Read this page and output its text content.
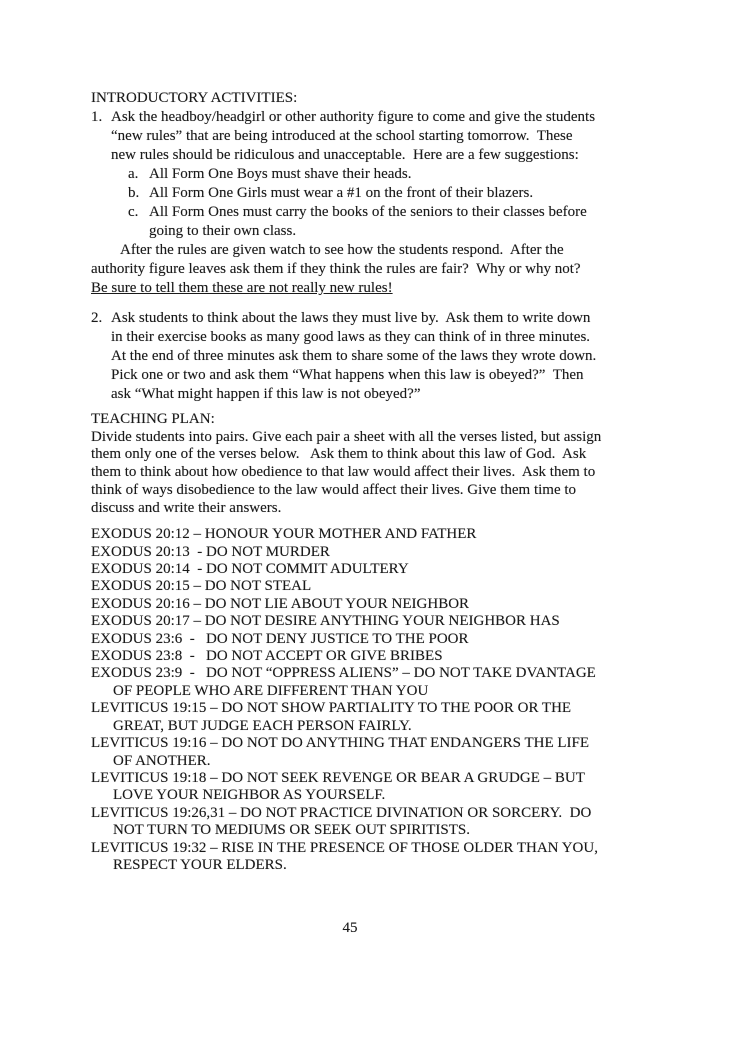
INTRODUCTORY ACTIVITIES:
1. Ask the headboy/headgirl or other authority figure to come and give the students
“new rules” that are being introduced at the school starting tomorrow.  These
new rules should be ridiculous and unacceptable.  Here are a few suggestions:
a. All Form One Boys must shave their heads.
b. All Form One Girls must wear a #1 on the front of their blazers.
c. All Form Ones must carry the books of the seniors to their classes before
going to their own class.
After the rules are given watch to see how the students respond.  After the
authority figure leaves ask them if they think the rules are fair?  Why or why not?
Be sure to tell them these are not really new rules!
2. Ask students to think about the laws they must live by.  Ask them to write down
in their exercise books as many good laws as they can think of in three minutes.
At the end of three minutes ask them to share some of the laws they wrote down.
Pick one or two and ask them “What happens when this law is obeyed?”  Then
ask “What might happen if this law is not obeyed?”
TEACHING PLAN:
Divide students into pairs. Give each pair a sheet with all the verses listed, but assign
them only one of the verses below.   Ask them to think about this law of God.  Ask
them to think about how obedience to that law would affect their lives.  Ask them to
think of ways disobedience to the law would affect their lives. Give them time to
discuss and write their answers.
EXODUS 20:12 – HONOUR YOUR MOTHER AND FATHER
EXODUS 20:13  - DO NOT MURDER
EXODUS 20:14  - DO NOT COMMIT ADULTERY
EXODUS 20:15 – DO NOT STEAL
EXODUS 20:16 – DO NOT LIE ABOUT YOUR NEIGHBOR
EXODUS 20:17 – DO NOT DESIRE ANYTHING YOUR NEIGHBOR HAS
EXODUS 23:6  -   DO NOT DENY JUSTICE TO THE POOR
EXODUS 23:8  -   DO NOT ACCEPT OR GIVE BRIBES
EXODUS 23:9  -   DO NOT “OPPRESS ALIENS” – DO NOT TAKE DVANTAGE
OF PEOPLE WHO ARE DIFFERENT THAN YOU
LEVITICUS 19:15 – DO NOT SHOW PARTIALITY TO THE POOR OR THE
GREAT, BUT JUDGE EACH PERSON FAIRLY.
LEVITICUS 19:16 – DO NOT DO ANYTHING THAT ENDANGERS THE LIFE
OF ANOTHER.
LEVITICUS 19:18 – DO NOT SEEK REVENGE OR BEAR A GRUDGE – BUT
LOVE YOUR NEIGHBOR AS YOURSELF.
LEVITICUS 19:26,31 – DO NOT PRACTICE DIVINATION OR SORCERY.  DO
NOT TURN TO MEDIUMS OR SEEK OUT SPIRITISTS.
LEVITICUS 19:32 – RISE IN THE PRESENCE OF THOSE OLDER THAN YOU,
RESPECT YOUR ELDERS.
45
